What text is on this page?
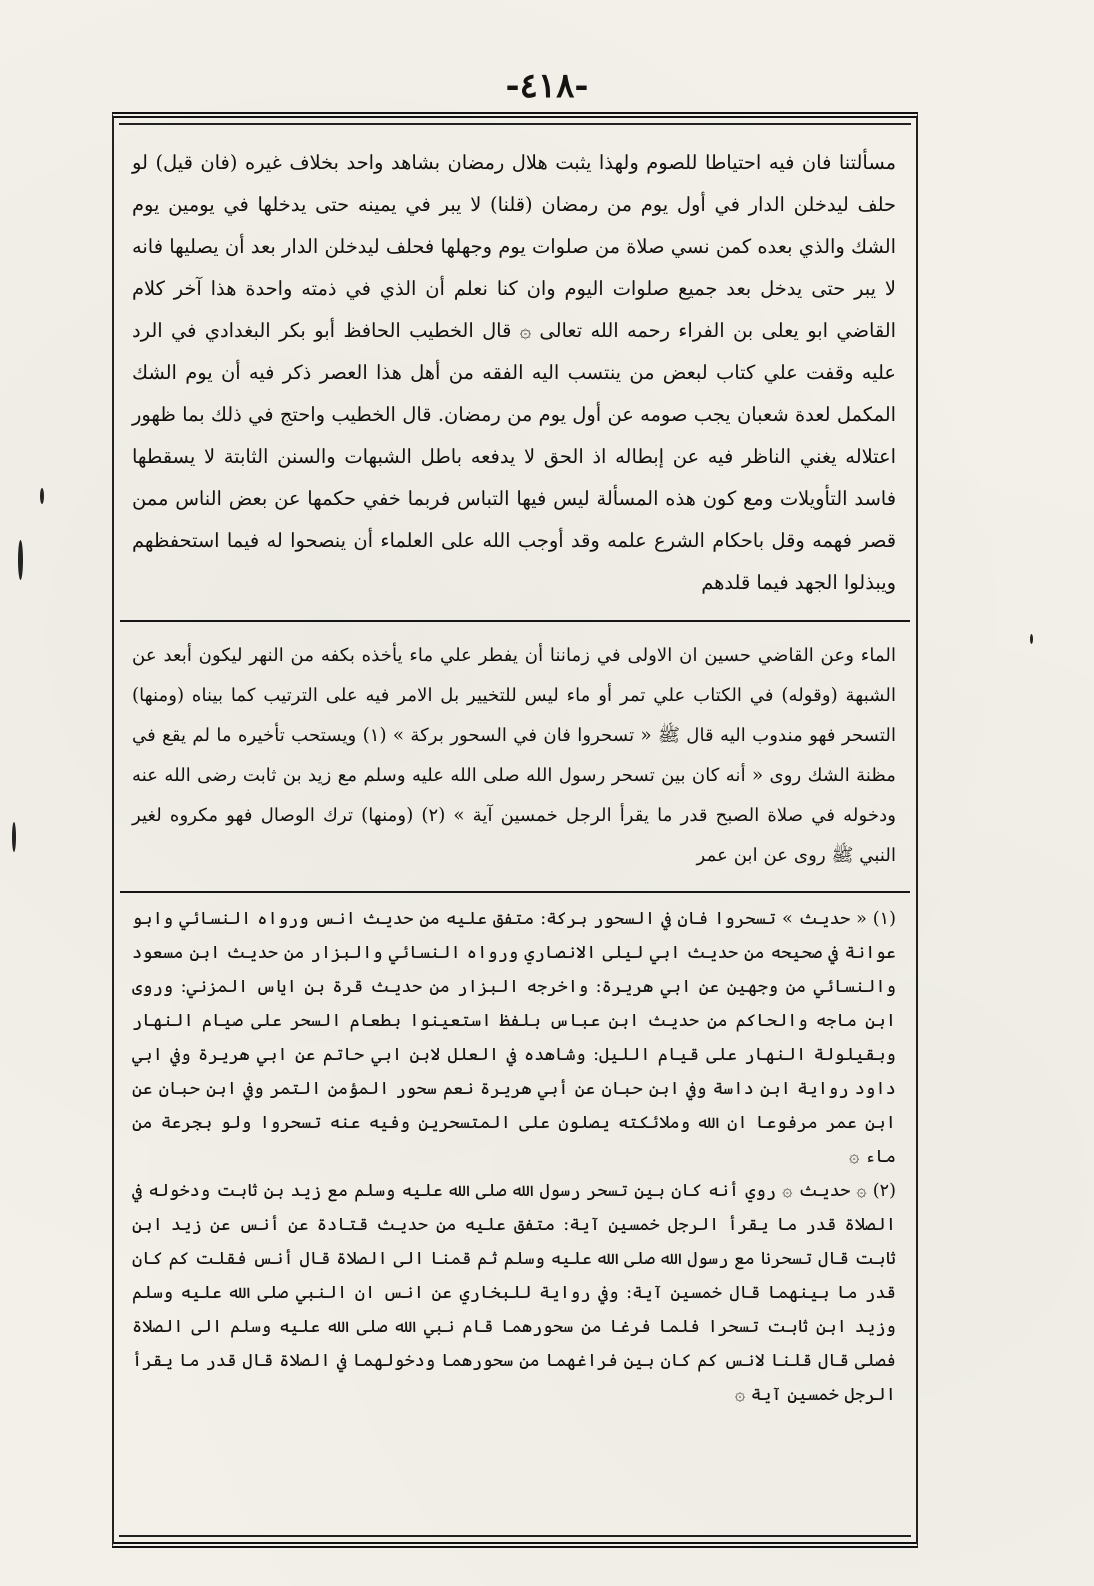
-٤١٨-
مسألتنا فان فيه احتياطا للصوم ولهذا يثبت هلال رمضان بشاهد واحد بخلاف غيره (فان قيل) لو حلف ليدخلن الدار في أول يوم من رمضان (قلنا) لا يبر في يمينه حتى يدخلها في يومين يوم الشك والذي بعده كمن نسي صلاة من صلوات يوم وجهلها فحلف ليدخلن الدار بعد أن يصليها فانه لا يبر حتى يدخل بعد جميع صلوات اليوم وان كنا نعلم أن الذي في ذمته واحدة هذا آخر كلام القاضي ابو يعلى بن الفراء رحمه الله تعالى ۞ قال الخطيب الحافظ أبو بكر البغدادي في الرد عليه وقفت علي كتاب لبعض من ينتسب اليه الفقه من أهل هذا العصر ذكر فيه أن يوم الشك المكمل لعدة شعبان يجب صومه عن أول يوم من رمضان. قال الخطيب واحتج في ذلك بما ظهور اعتلاله يغني الناظر فيه عن إبطاله اذ الحق لا يدفعه باطل الشبهات والسنن الثابتة لا يسقطها فاسد التأويلات ومع كون هذه المسألة ليس فيها التباس فربما خفي حكمها عن بعض الناس ممن قصر فهمه وقل باحكام الشرع علمه وقد أوجب الله على العلماء أن ينصحوا له فيما استحفظهم ويبذلوا الجهد فيما قلدهم
الماء وعن القاضي حسين ان الاولى في زماننا أن يفطر علي ماء يأخذه بكفه من النهر ليكون أبعد عن الشبهة (وقوله) في الكتاب علي تمر أو ماء ليس للتخيير بل الامر فيه على الترتيب كما بيناه (ومنها) التسحر فهو مندوب اليه قال ﷺ « تسحروا فان في السحور بركة » (١) ويستحب تأخيره ما لم يقع في مظنة الشك روى « أنه كان بين تسحر رسول الله صلى الله عليه وسلم مع زيد بن ثابت رضى الله عنه ودخوله في صلاة الصبح قدر ما يقرأ الرجل خمسين آية » (٢) (ومنها) ترك الوصال فهو مكروه لغير النبي ﷺ روى عن ابن عمر

(١) « حديث » تسحروا فان في السحور بركة: متفق عليه من حديث انس ورواه النسائي وابو عوانة في صحيحه من حديث ابي ليلى الانصاري ورواه النسائي والبزار من حديث ابن مسعود والنسائي من وجهين عن ابي هريرة: واخرجه البزار من حديث قرة بن اياس المزني: وروى ابن ماجه والحاكم من حديث ابن عباس بلفظ استعينوا بطعام السحر على صيام النهار وبقيلولة النهار على قيام الليل: وشاهده في العلل لابن ابي حاتم عن ابي هريرة وفي ابي داود رواية ابن داسة وفي ابن حبان عن أبي هريرة نعم سحور المؤمن التمر وفي ابن حبان عن ابن عمر مرفوعا ان الله وملائكته يصلون على المتسحرين وفيه عنه تسحروا ولو بجرعة من ماء ۞

(٢) ۞ حديث ۞ روي أنه كان بين تسحر رسول الله صلى الله عليه وسلم مع زيد بن ثابت ودخوله في الصلاة قدر ما يقرأ الرجل خمسين آية: متفق عليه من حديث قتادة عن أنس عن زيد ابن ثابت قال تسحرنا مع رسول الله صلى الله عليه وسلم ثم قمنا الى الصلاة قال أنس فقلت كم كان قدر ما بينهما قال خمسين آية: وفي رواية للبخاري عن انس ان النبي صلى الله عليه وسلم وزيد ابن ثابت تسحرا فلما فرغا من سحورهما قام نبي الله صلى الله عليه وسلم الى الصلاة فصلى قال قلنا لانس كم كان بين فراغهما من سحورهما ودخولهما في الصلاة قال قدر ما يقرأ الرجل خمسين آية ۞
